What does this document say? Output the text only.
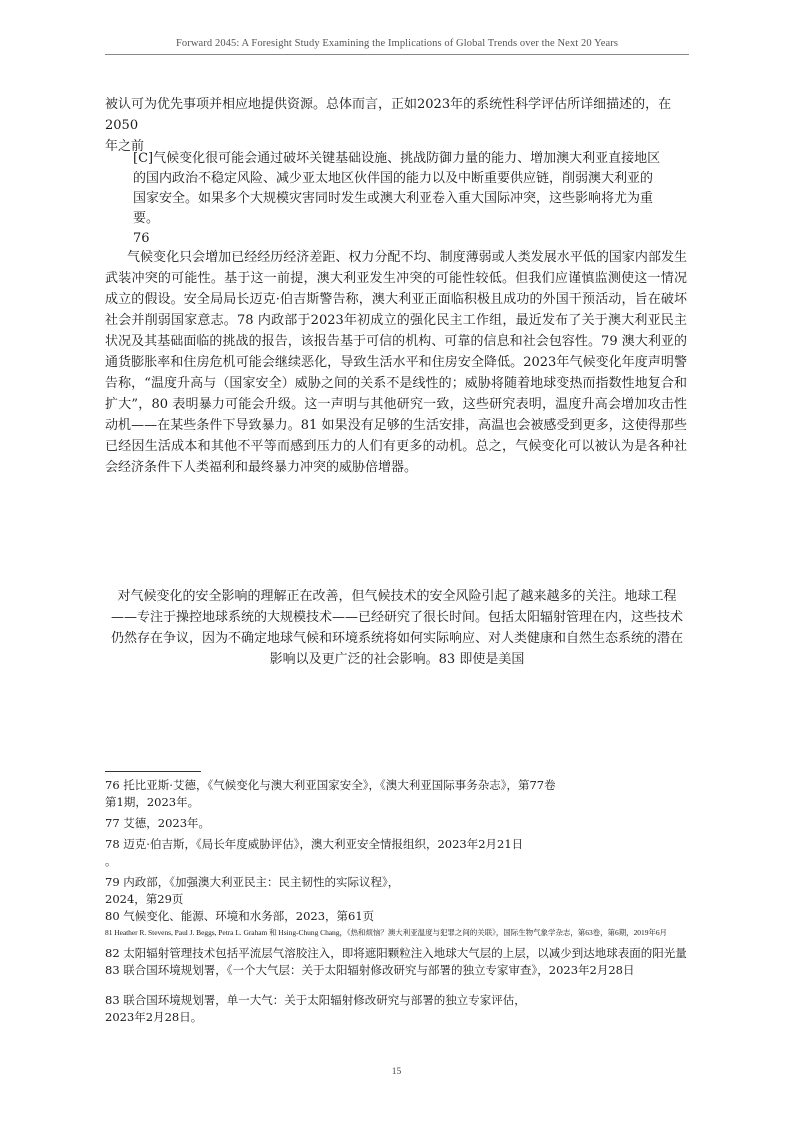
Forward 2045: A Foresight Study Examining the Implications of Global Trends over the Next 20 Years
被认可为优先事项并相应地提供资源。总体而言，正如2023年的系统性科学评估所详细描述的，在2050
年之前
[C]气候变化很可能会通过破坏关键基础设施、挑战防御力量的能力、增加澳大利亚直接地区的国内政治不稳定风险、减少亚太地区伙伴国的能力以及中断重要供应链，削弱澳大利亚的国家安全。如果多个大规模灾害同时发生或澳大利亚卷入重大国际冲突，这些影响将尤为重要。
76
气候变化只会增加已经经历经济差距、权力分配不均、制度薄弱或人类发展水平低的国家内部发生武装冲突的可能性。基于这一前提，澳大利亚发生冲突的可能性较低。但我们应谨慎监测使这一情况成立的假设。安全局局长迈克·伯吉斯警告称，澳大利亚正面临积极且成功的外国干预活动，旨在破坏社会并削弱国家意志。78 内政部于2023年初成立的强化民主工作组，最近发布了关于澳大利亚民主状况及其基础面临的挑战的报告，该报告基于可信的机构、可靠的信息和社会包容性。79 澳大利亚的通货膨胀率和住房危机可能会继续恶化，导致生活水平和住房安全降低。2023年气候变化年度声明警告称，“温度升高与（国家安全）威胁之间的关系不是线性的；威胁将随着地球变热而指数性地复合和扩大”，80 表明暴力可能会升级。这一声明与其他研究一致，这些研究表明，温度升高会增加攻击性动机——在某些条件下导致暴力。81 如果没有足够的生活安排，高温也会被感受到更多，这使得那些已经因生活成本和其他不平等而感到压力的人们有更多的动机。总之，气候变化可以被认为是各种社会经济条件下人类福利和最终暴力冲突的威胁倍增器。
对气候变化的安全影响的理解正在改善，但气候技术的安全风险引起了越来越多的关注。地球工程——专注于操控地球系统的大规模技术——已经研究了很长时间。包括太阳辐射管理在内，这些技术仍然存在争议，因为不确定地球气候和环境系统将如何实际响应、对人类健康和自然生态系统的潜在影响以及更广泛的社会影响。83 即使是美国
76 托比亚斯·艾德，《气候变化与澳大利亚国家安全》，《澳大利亚国际事务杂志》，第77卷
第1期，2023年。
77 艾德，2023年。
78 迈克·伯吉斯，《局长年度威胁评估》，澳大利亚安全情报组织，2023年2月21日
。
79 内政部，《加强澳大利亚民主：民主韧性的实际议程》，
2024，第29页
80 气候变化、能源、环境和水务部，2023，第61页
81 Heather R. Stevens, Paul J. Beggs, Petra L. Graham 和 Hsing-Chung Chang，《热和烦恼？澳大利亚温度与犯罪之间的关联》，国际生物气象学杂志，第63卷，第6期，2019年6月
82 太阳辐射管理技术包括平流层气溶胶注入，即将遮阳颗粒注入地球大气层的上层，以减少到达地球表面的阳光量
83 联合国环境规划署，《一个大气层：关于太阳辐射修改研究与部署的独立专家审查》，2023年2月28日
83 联合国环境规划署，单一大气：关于太阳辐射修改研究与部署的独立专家评估，
2023年2月28日。
15
